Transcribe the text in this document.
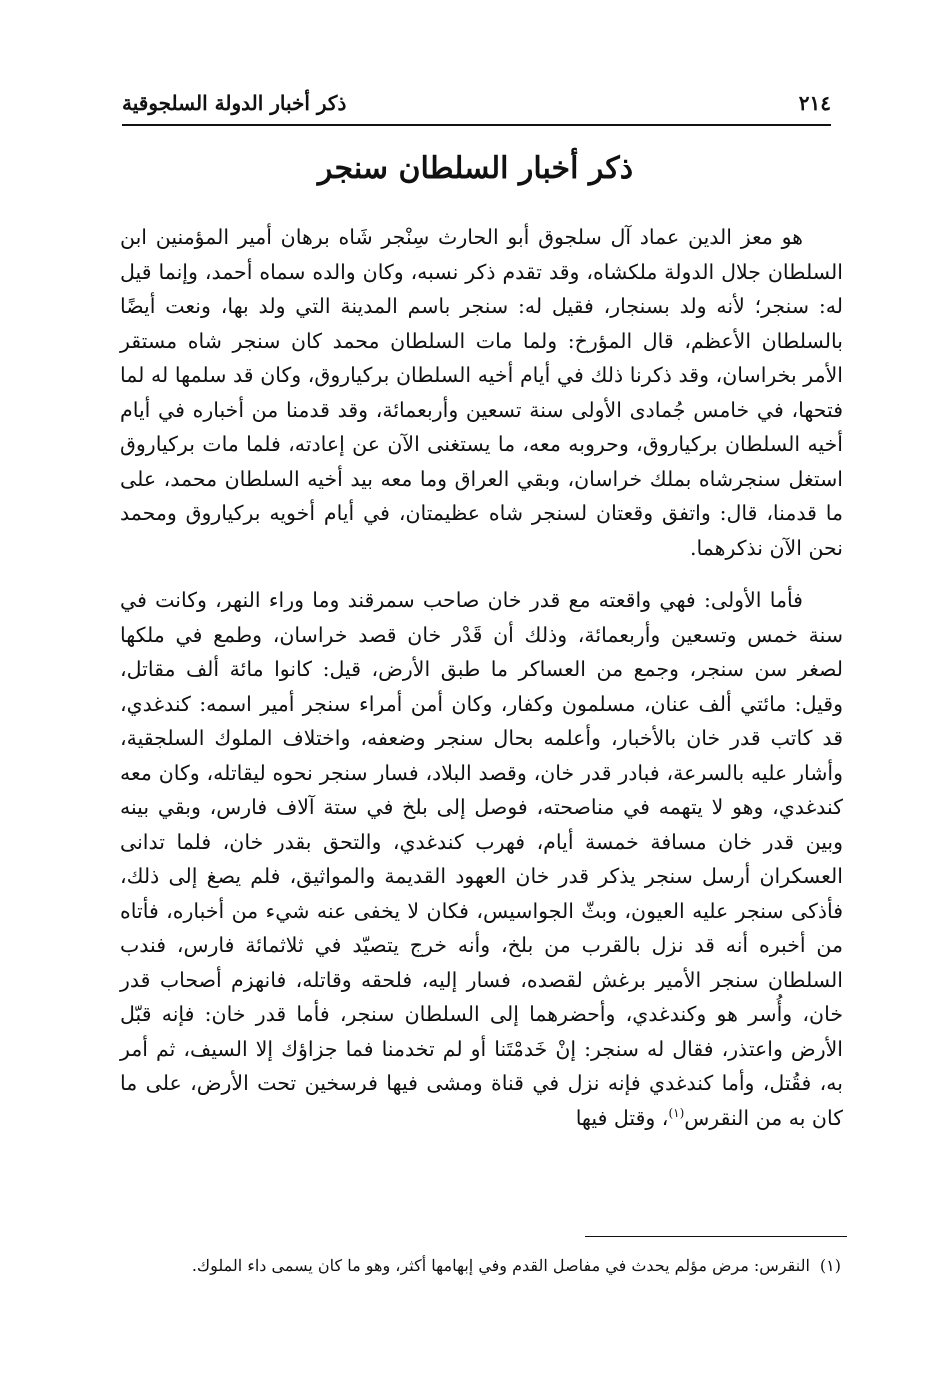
٢١٤
ذكر أخبار الدولة السلجوقية
ذكر أخبار السلطان سنجر

هو معز الدين عماد آل سلجوق أبو الحارث سِنْجر شَاه برهان أمير المؤمنين ابن السلطان جلال الدولة ملكشاه، وقد تقدم ذكر نسبه، وكان والده سماه أحمد، وإنما قيل له: سنجر؛ لأنه ولد بسنجار، فقيل له: سنجر باسم المدينة التي ولد بها، ونعت أيضًا بالسلطان الأعظم، قال المؤرخ: ولما مات السلطان محمد كان سنجر شاه مستقر الأمر بخراسان، وقد ذكرنا ذلك في أيام أخيه السلطان بركياروق، وكان قد سلمها له لما فتحها، في خامس جُمادى الأولى سنة تسعين وأربعمائة، وقد قدمنا من أخباره في أيام أخيه السلطان بركياروق، وحروبه معه، ما يستغنى الآن عن إعادته، فلما مات بركياروق استغل سنجرشاه بملك خراسان، وبقي العراق وما معه بيد أخيه السلطان محمد، على ما قدمنا، قال: واتفق وقعتان لسنجر شاه عظيمتان، في أيام أخويه بركياروق ومحمد نحن الآن نذكرهما.

فأما الأولى: فهي واقعته مع قدر خان صاحب سمرقند وما وراء النهر، وكانت في سنة خمس وتسعين وأربعمائة، وذلك أن قَدْر خان قصد خراسان، وطمع في ملكها لصغر سن سنجر، وجمع من العساكر ما طبق الأرض، قيل: كانوا مائة ألف مقاتل، وقيل: مائتي ألف عنان، مسلمون وكفار، وكان أمن أمراء سنجر أمير اسمه: كندغدي، قد كاتب قدر خان بالأخبار، وأعلمه بحال سنجر وضعفه، واختلاف الملوك السلجقية، وأشار عليه بالسرعة، فبادر قدر خان، وقصد البلاد، فسار سنجر نحوه ليقاتله، وكان معه كندغدي، وهو لا يتهمه في مناصحته، فوصل إلى بلخ في ستة آلاف فارس، وبقي بينه وبين قدر خان مسافة خمسة أيام، فهرب كندغدي، والتحق بقدر خان، فلما تدانى العسكران أرسل سنجر يذكر قدر خان العهود القديمة والمواثيق، فلم يصغ إلى ذلك، فأذكى سنجر عليه العيون، وبثّ الجواسيس، فكان لا يخفى عنه شيء من أخباره، فأتاه من أخبره أنه قد نزل بالقرب من بلخ، وأنه خرج يتصيّد في ثلاثمائة فارس، فندب السلطان سنجر الأمير برغش لقصده، فسار إليه، فلحقه وقاتله، فانهزم أصحاب قدر خان، وأُسر هو وكندغدي، وأحضرهما إلى السلطان سنجر، فأما قدر خان: فإنه قبّل الأرض واعتذر، فقال له سنجر: إنْ خَدمْتَنا أو لم تخدمنا فما جزاؤك إلا السيف، ثم أمر به، فقُتل، وأما كندغدي فإنه نزل في قناة ومشى فيها فرسخين تحت الأرض، على ما كان به من النقرس$^{(١)}$، وقتل فيها

(١)
النقرس: مرض مؤلم يحدث في مفاصل القدم وفي إبهامها أكثر، وهو ما كان يسمى داء الملوك.
